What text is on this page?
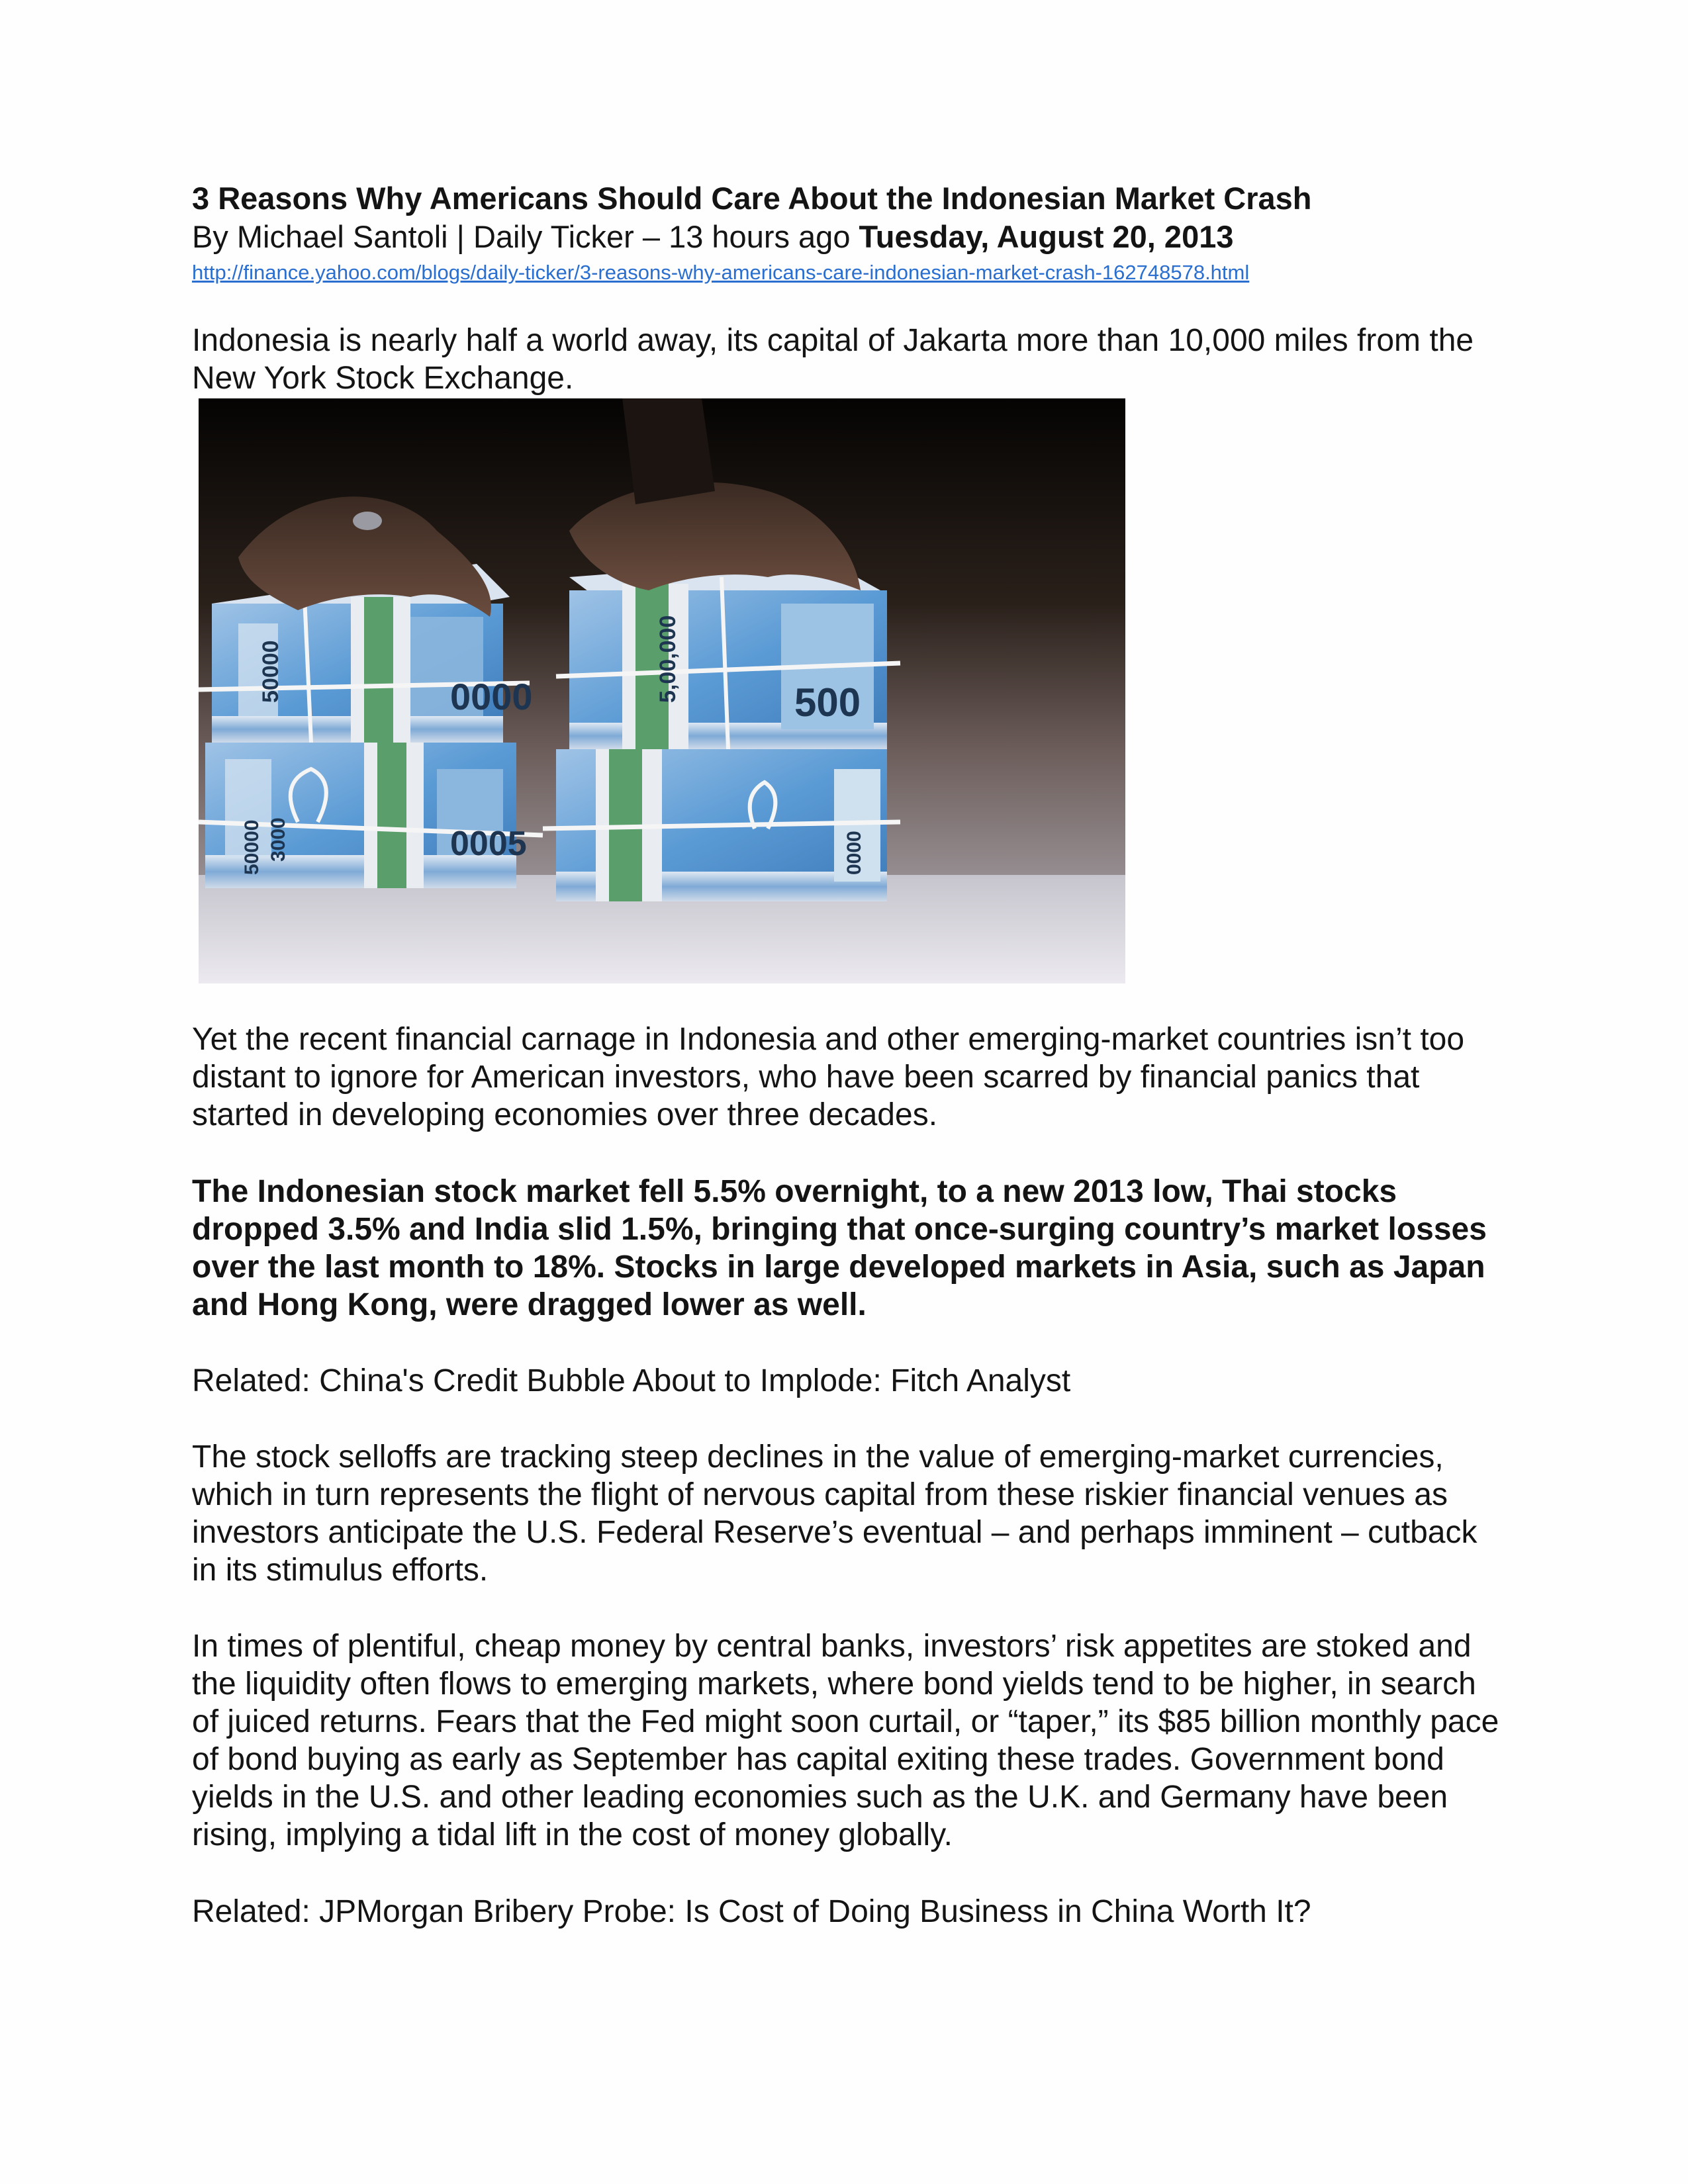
3 Reasons Why Americans Should Care About the Indonesian Market Crash
By Michael Santoli | Daily Ticker – 13 hours ago Tuesday, August 20, 2013
http://finance.yahoo.com/blogs/daily-ticker/3-reasons-why-americans-care-indonesian-market-crash-162748578.html
Indonesia is nearly half a world away, its capital of Jakarta more than 10,000 miles from the New York Stock Exchange.
50000	0000	500
0005
5,00,000
0000
50000 3000
Yet the recent financial carnage in Indonesia and other emerging-market countries isn’t too distant to ignore for American investors, who have been scarred by financial panics that started in developing economies over three decades.
The Indonesian stock market fell 5.5% overnight, to a new 2013 low, Thai stocks dropped 3.5% and India slid 1.5%, bringing that once-surging country’s market losses over the last month to 18%. Stocks in large developed markets in Asia, such as Japan and Hong Kong, were dragged lower as well.
Related: China's Credit Bubble About to Implode: Fitch Analyst
The stock selloffs are tracking steep declines in the value of emerging-market currencies, which in turn represents the flight of nervous capital from these riskier financial venues as investors anticipate the U.S. Federal Reserve’s eventual – and perhaps imminent – cutback in its stimulus efforts.
In times of plentiful, cheap money by central banks, investors’ risk appetites are stoked and the liquidity often flows to emerging markets, where bond yields tend to be higher, in search of juiced returns. Fears that the Fed might soon curtail, or “taper,” its $85 billion monthly pace of bond buying as early as September has capital exiting these trades. Government bond yields in the U.S. and other leading economies such as the U.K. and Germany have been rising, implying a tidal lift in the cost of money globally.
Related: JPMorgan Bribery Probe: Is Cost of Doing Business in China Worth It?
